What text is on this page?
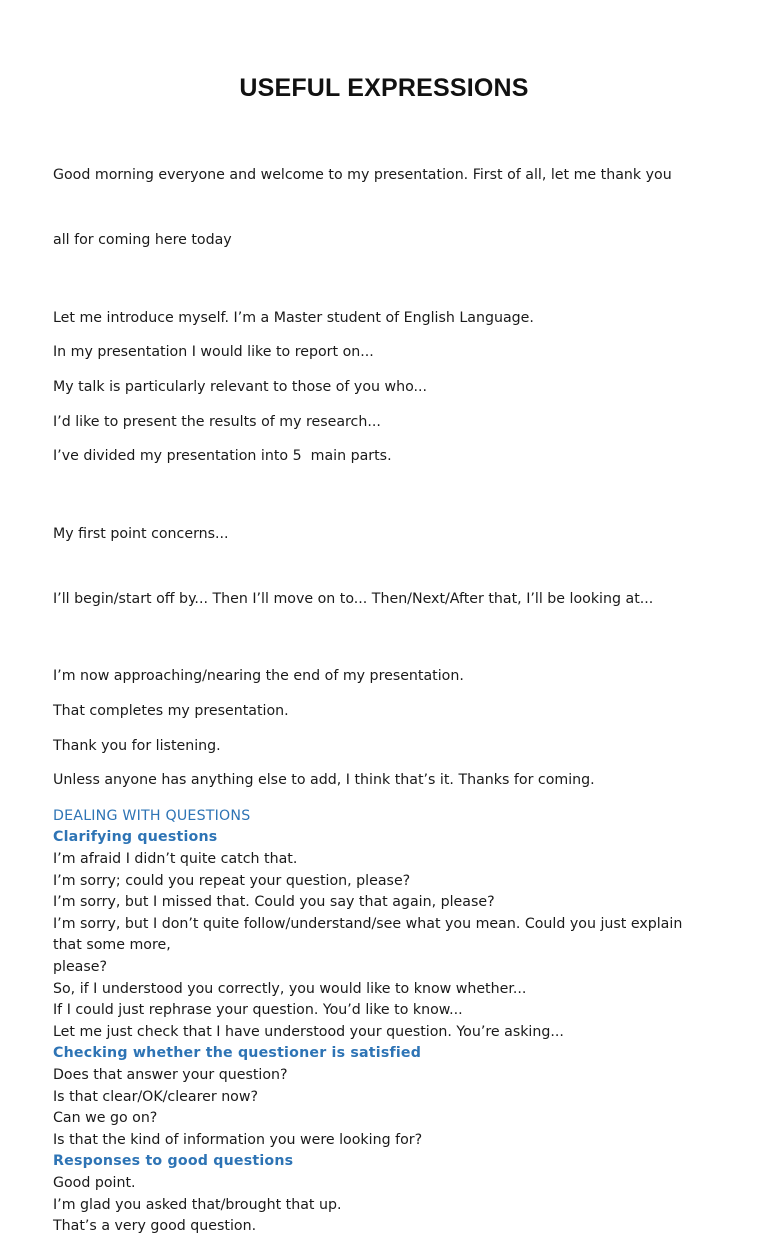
USEFUL EXPRESSIONS

Good morning everyone and welcome to my presentation. First of all, let me thank you

all for coming here today

Let me introduce myself. I’m a Master student of English Language.
In my presentation I would like to report on...
My talk is particularly relevant to those of you who...
I’d like to present the results of my research...
I’ve divided my presentation into 5  main parts.

My first point concerns...

I’ll begin/start off by... Then I’ll move on to... Then/Next/After that, I’ll be looking at...

I’m now approaching/nearing the end of my presentation.
That completes my presentation.
Thank you for listening.
Unless anyone has anything else to add, I think that’s it. Thanks for coming.
DEALING WITH QUESTIONS
Clarifying questions
I’m afraid I didn’t quite catch that.
I’m sorry; could you repeat your question, please?
I’m sorry, but I missed that. Could you say that again, please?
I’m sorry, but I don’t quite follow/understand/see what you mean. Could you just explain
that some more,
please?
So, if I understood you correctly, you would like to know whether...
If I could just rephrase your question. You’d like to know...
Let me just check that I have understood your question. You’re asking...
Checking whether the questioner is satisfied
Does that answer your question?
Is that clear/OK/clearer now?
Can we go on?
Is that the kind of information you were looking for?
Responses to good questions
Good point.
I’m glad you asked that/brought that up.
That’s a very good question.
